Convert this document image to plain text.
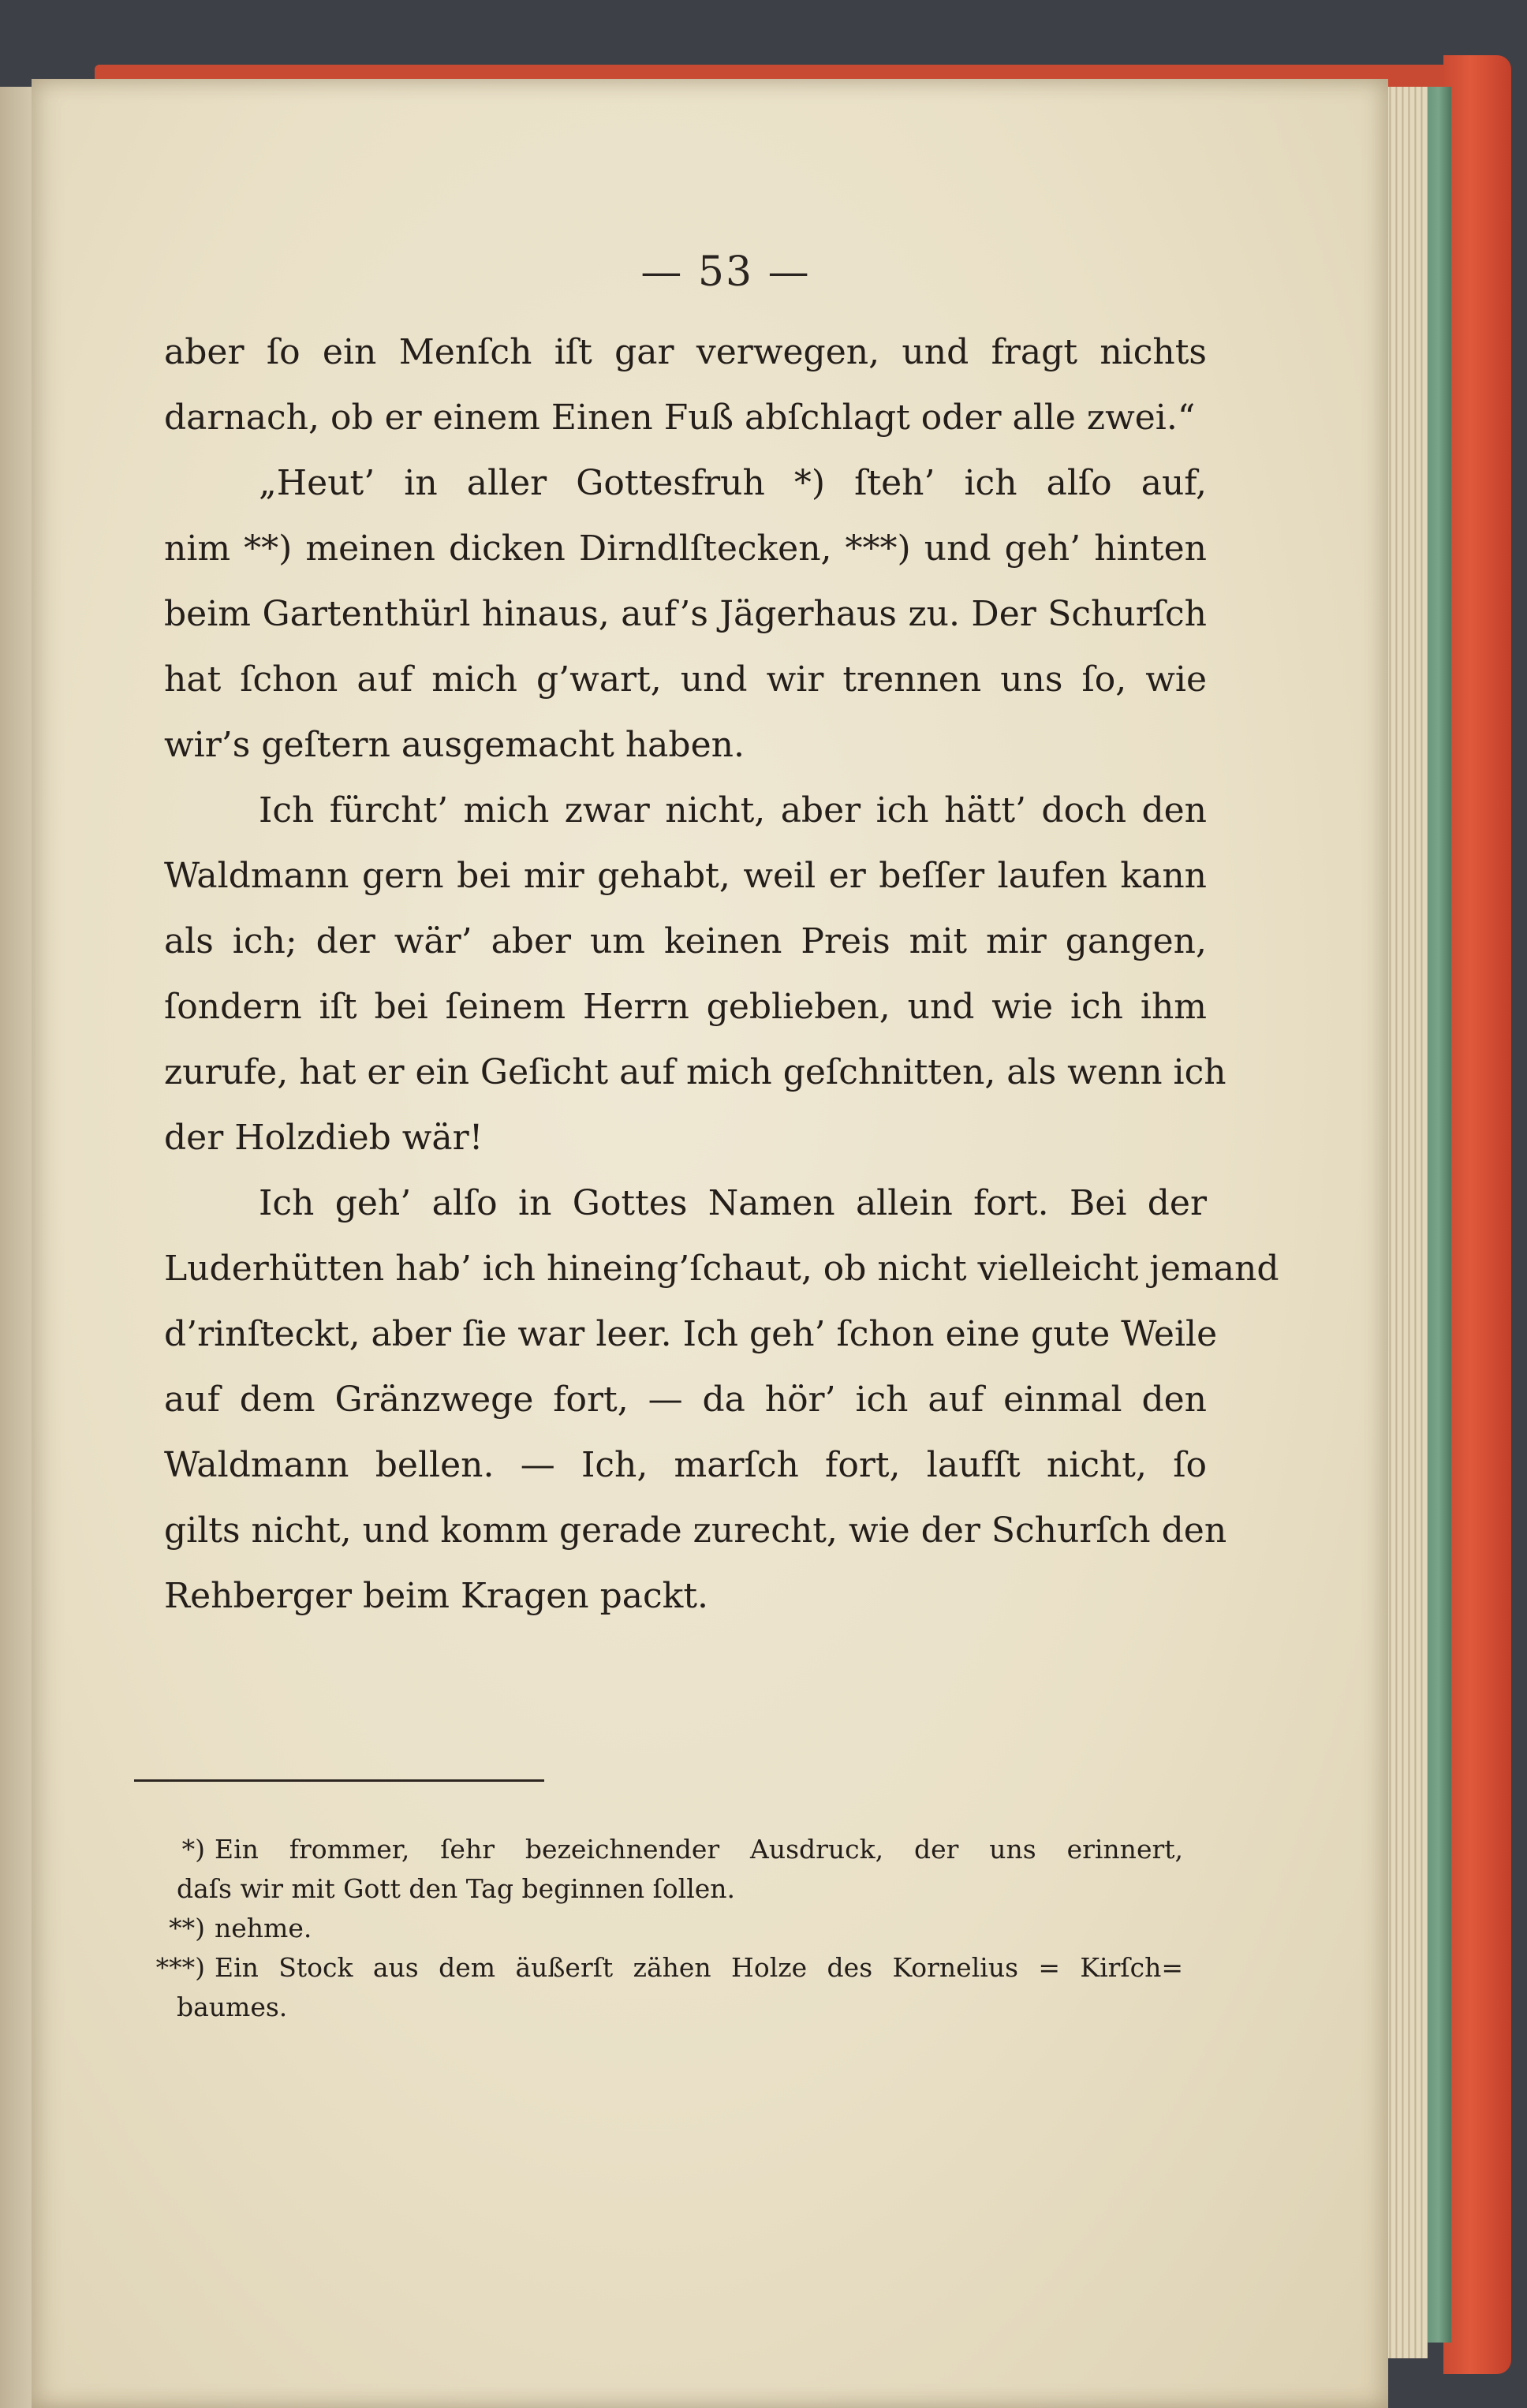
— 53 —

aber ſo ein Menſch iſt gar verwegen, und fragt nichts
darnach, ob er einem Einen Fuß abſchlagt oder alle zwei.“

„Heut’ in aller Gottesfruh *) ſteh’ ich alſo auf,
nim **) meinen dicken Dirndlſtecken, ***) und geh’ hinten
beim Gartenthürl hinaus, auf’s Jägerhaus zu. Der Schurſch
hat ſchon auf mich g’wart, und wir trennen uns ſo, wie
wir’s geſtern ausgemacht haben.

Ich fürcht’ mich zwar nicht, aber ich hätt’ doch den
Waldmann gern bei mir gehabt, weil er beſſer laufen kann
als ich; der wär’ aber um keinen Preis mit mir gangen,
ſondern iſt bei ſeinem Herrn geblieben, und wie ich ihm
zurufe, hat er ein Geſicht auf mich geſchnitten, als wenn ich
der Holzdieb wär!

Ich geh’ alſo in Gottes Namen allein fort. Bei der
Luderhütten hab’ ich hineing’ſchaut, ob nicht vielleicht jemand
d’rinſteckt, aber ſie war leer. Ich geh’ ſchon eine gute Weile
auf dem Gränzwege fort, — da hör’ ich auf einmal den
Waldmann bellen. — Ich, marſch fort, laufſt nicht, ſo
gilts nicht, und komm gerade zurecht, wie der Schurſch den
Rehberger beim Kragen packt.

*) Ein frommer, ſehr bezeichnender Ausdruck, der uns erinnert,
daſs wir mit Gott den Tag beginnen ſollen.
**) nehme.
***) Ein Stock aus dem äußerſt zähen Holze des Kornelius = Kirſch=
baumes.
